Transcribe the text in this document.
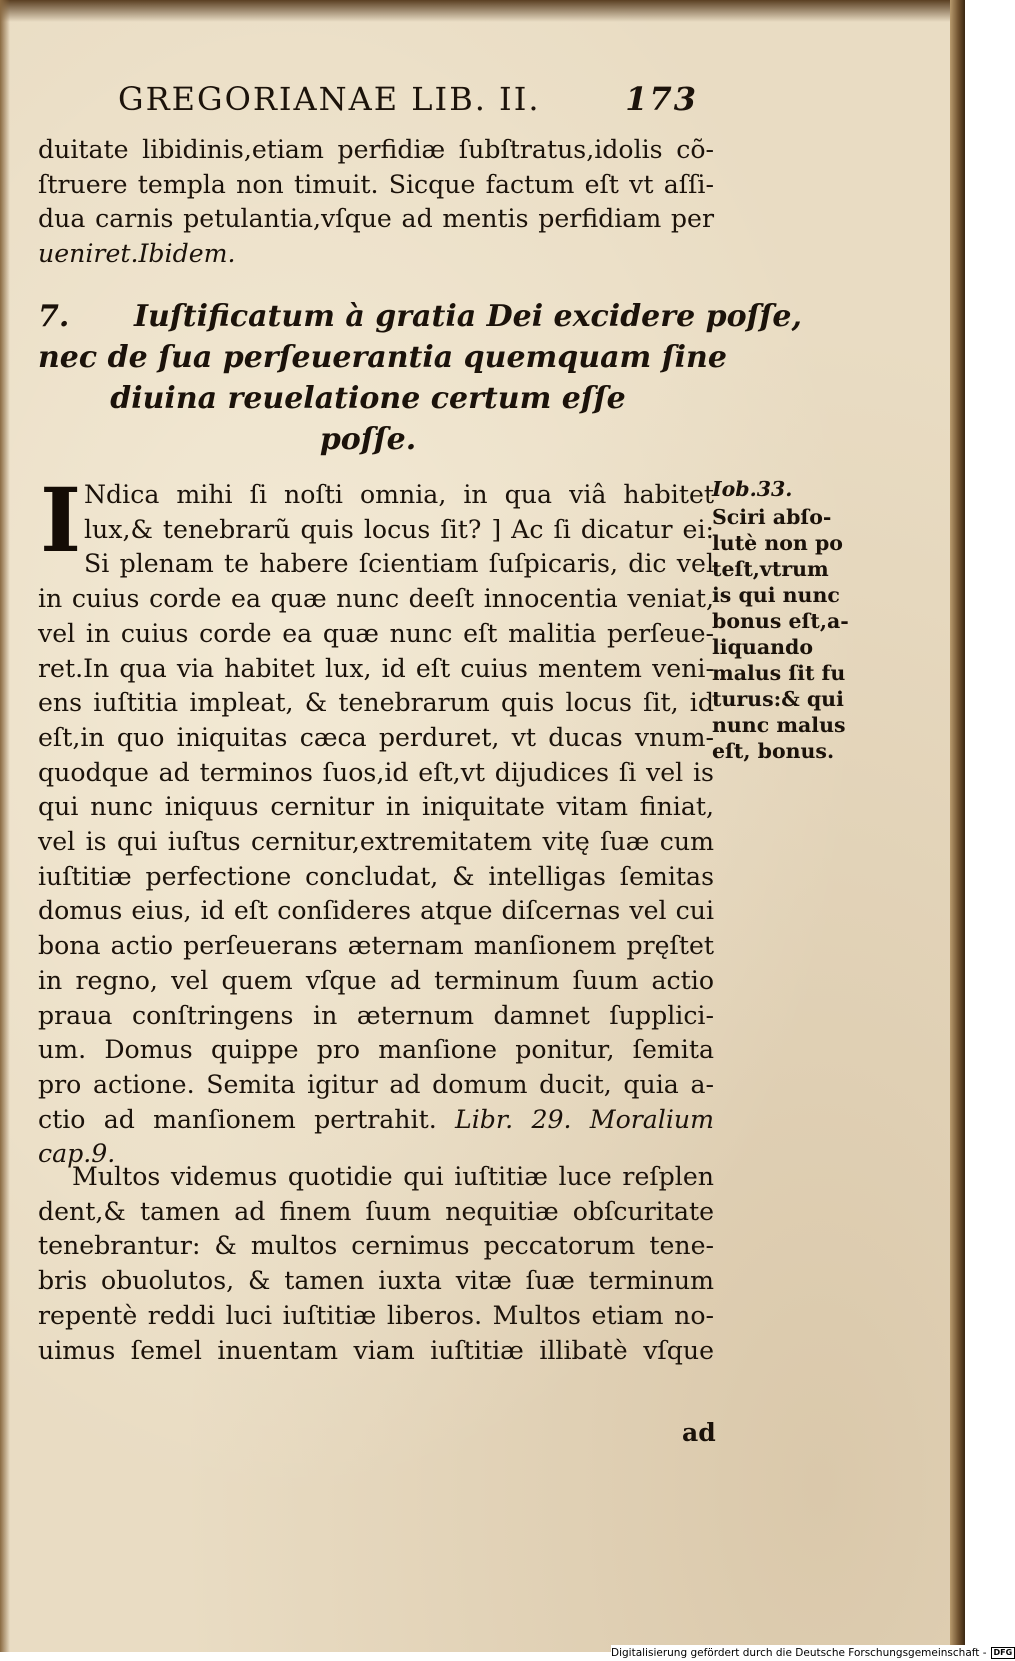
GREGORIANAE LIB. II.	173
duitate libidinis,etiam perfidiæ ſubſtratus,idolis cõ-
ſtruere templa non timuit. Sicque factum eſt vt aſſi-
dua carnis petulantia,vſque ad mentis perfidiam per
ueniret.Ibidem.
7.	Iuſtificatum à gratia Dei excidere poſſe,
nec de ſua perſeuerantia quemquam ſine
diuina reuelatione certum eſſe
poſſe.
I Ndica mihi ſi noſti omnia, in qua viâ habitet
lux,& tenebrarũ quis locus ſit? ] Ac ſi dicatur ei:
Si plenam te habere ſcientiam ſuſpicaris, dic vel
in cuius corde ea quæ nunc deeſt innocentia veniat,
vel in cuius corde ea quæ nunc eſt malitia perſeue-
ret.In qua via habitet lux, id eſt cuius mentem veni-
ens iuſtitia impleat, & tenebrarum quis locus ſit, id
eſt,in quo iniquitas cæca perduret, vt ducas vnum-
quodque ad terminos ſuos,id eſt,vt dijudices ſi vel is
qui nunc iniquus cernitur in iniquitate vitam finiat,
vel is qui iuſtus cernitur,extremitatem vitę ſuæ cum
iuſtitiæ perfectione concludat, & intelligas ſemitas
domus eius, id eſt conſideres atque diſcernas vel cui
bona actio perſeuerans æternam manſionem pręſtet
in regno, vel quem vſque ad terminum ſuum actio
praua conſtringens in æternum damnet ſupplici-
um. Domus quippe pro manſione ponitur, ſemita
pro actione. Semita igitur ad domum ducit, quia a-
ctio ad manſionem pertrahit. Libr. 29. Moralium
cap.9.
Multos videmus quotidie qui iuſtitiæ luce reſplen
dent,& tamen ad finem ſuum nequitiæ obſcuritate
tenebrantur: & multos cernimus peccatorum tene-
bris obuolutos, & tamen iuxta vitæ ſuæ terminum
repentè reddi luci iuſtitiæ liberos. Multos etiam no-
uimus ſemel inuentam viam iuſtitiæ illibatè vſque
ad
Iob.33.
Sciri abſo-
lutè non po
teſt,vtrum
is qui nunc
bonus eſt,a-
liquando
malus ſit fu
turus:& qui
nunc malus
eſt, bonus.
Digitalisierung gefördert durch die Deutsche Forschungsgemeinschaft - DFG
